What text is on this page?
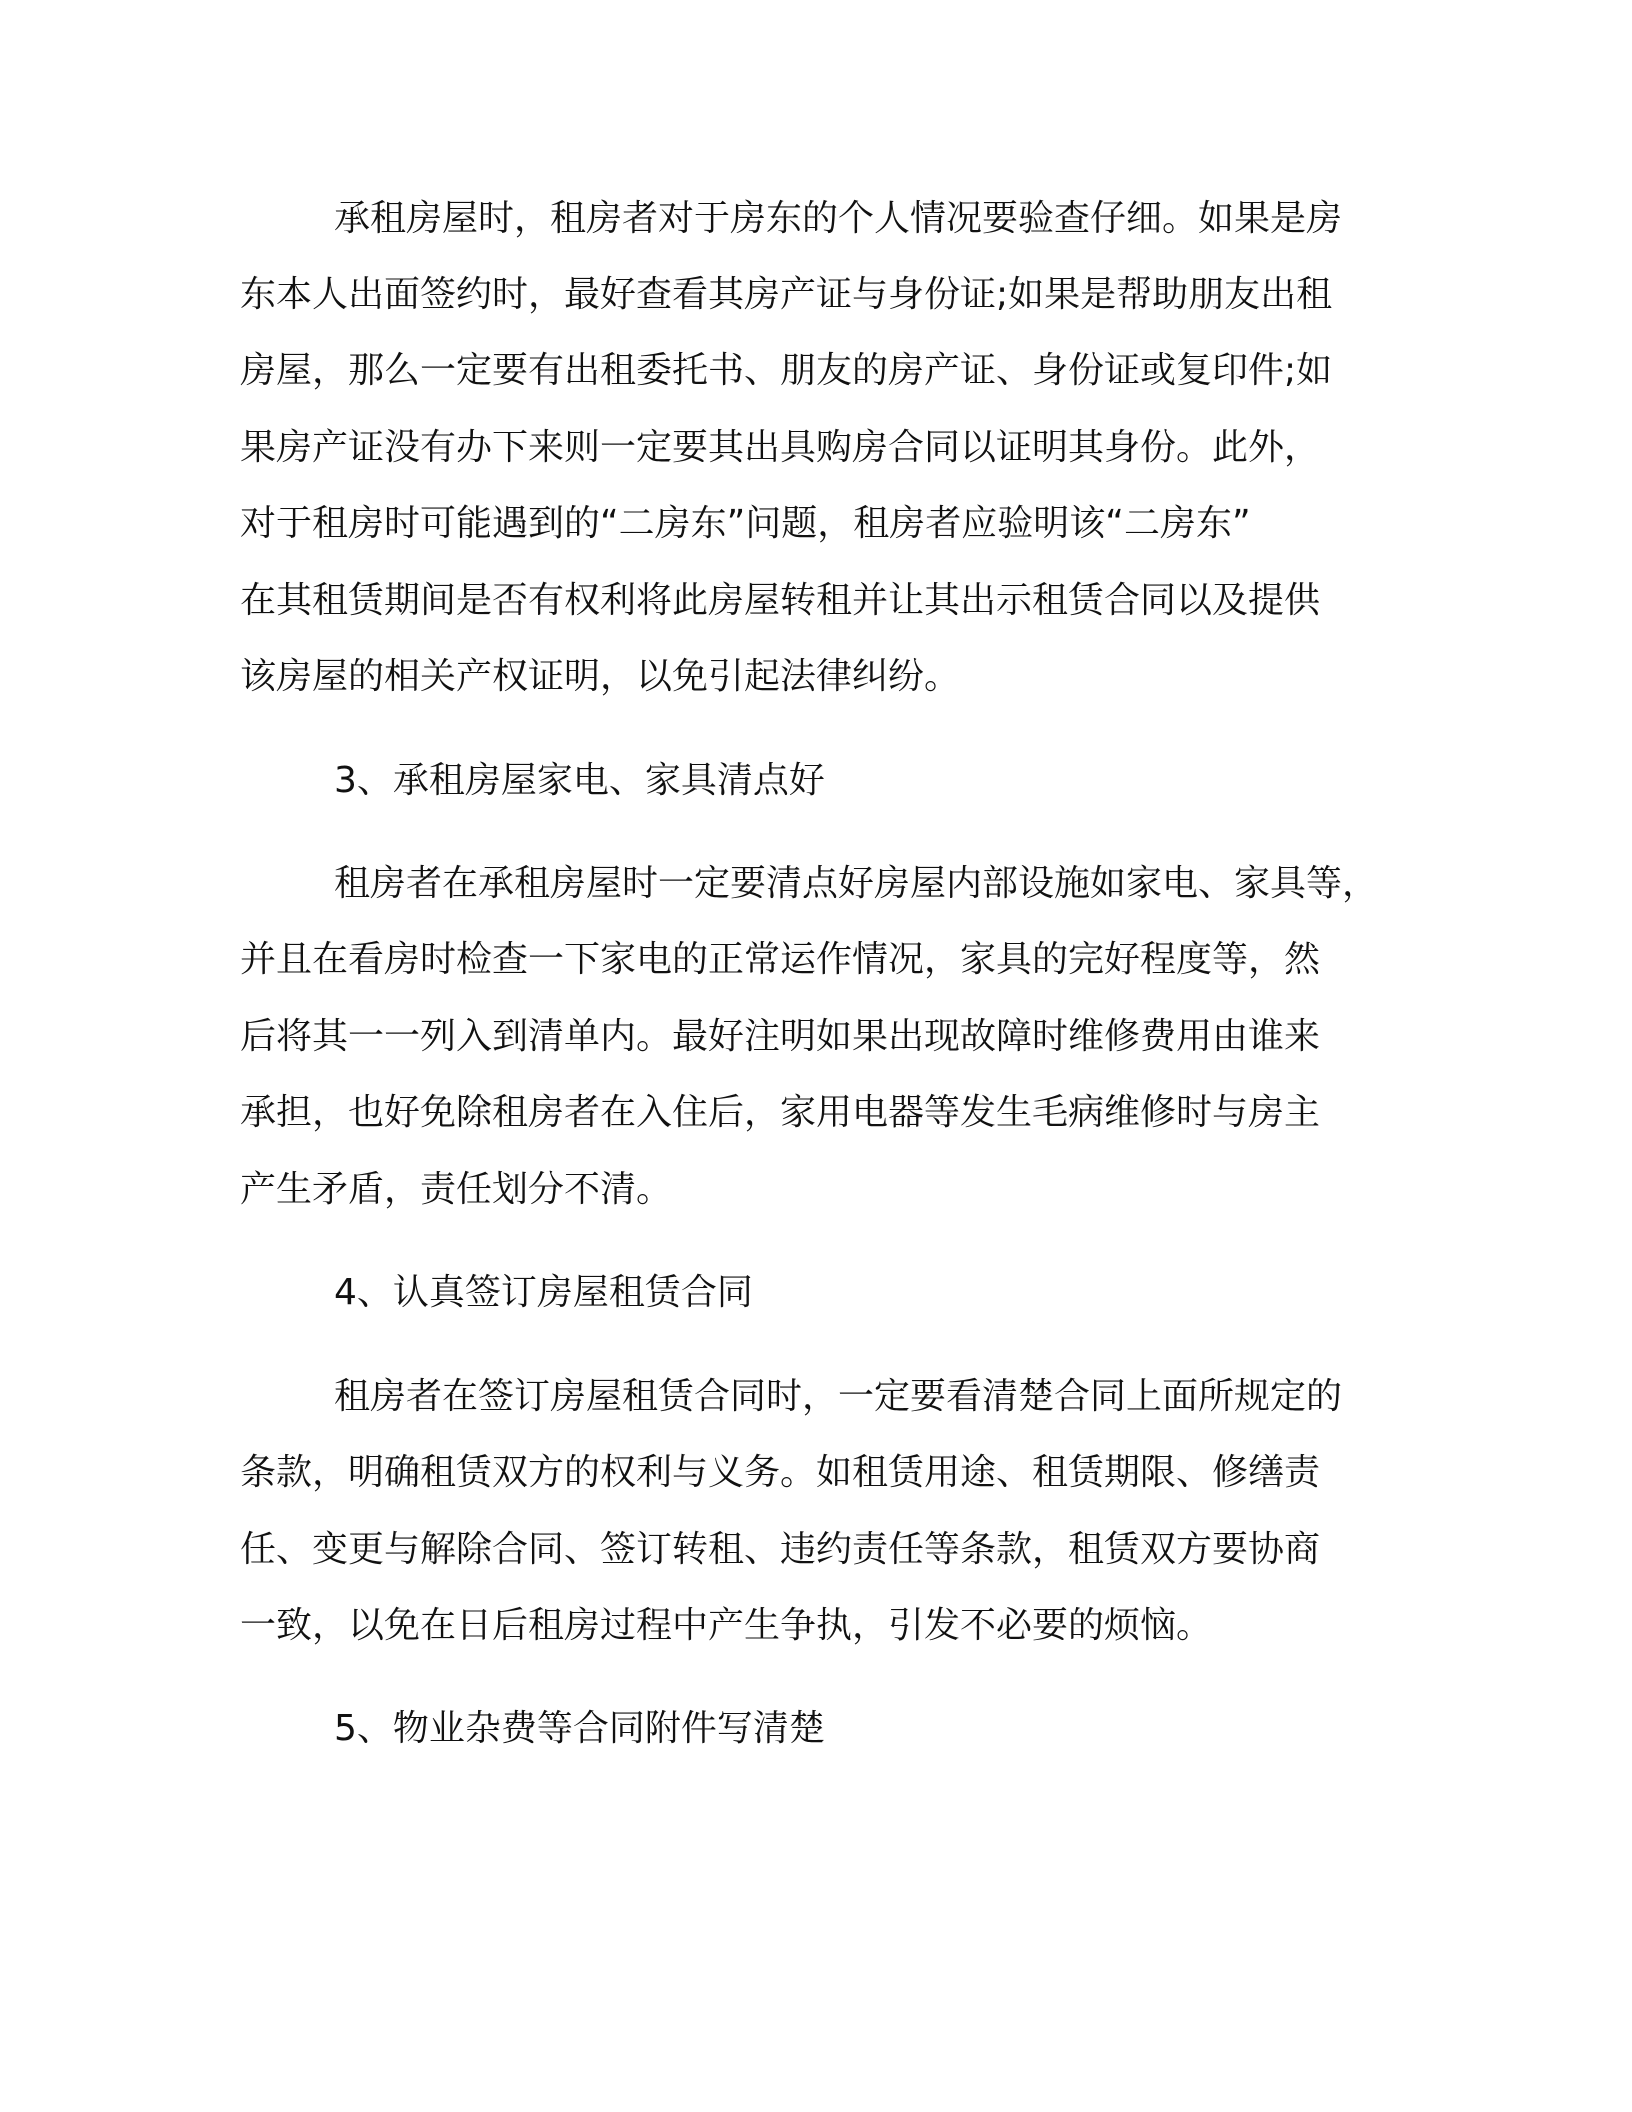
承租房屋时，租房者对于房东的个人情况要验查仔细。如果是房
东本人出面签约时，最好查看其房产证与身份证;如果是帮助朋友出租
房屋，那么一定要有出租委托书、朋友的房产证、身份证或复印件;如
果房产证没有办下来则一定要其出具购房合同以证明其身份。此外，
对于租房时可能遇到的“二房东”问题，租房者应验明该“二房东”
在其租赁期间是否有权利将此房屋转租并让其出示租赁合同以及提供
该房屋的相关产权证明，以免引起法律纠纷。
3、承租房屋家电、家具清点好
租房者在承租房屋时一定要清点好房屋内部设施如家电、家具等，
并且在看房时检查一下家电的正常运作情况，家具的完好程度等，然
后将其一一列入到清单内。最好注明如果出现故障时维修费用由谁来
承担，也好免除租房者在入住后，家用电器等发生毛病维修时与房主
产生矛盾，责任划分不清。
4、认真签订房屋租赁合同
租房者在签订房屋租赁合同时，一定要看清楚合同上面所规定的
条款，明确租赁双方的权利与义务。如租赁用途、租赁期限、修缮责
任、变更与解除合同、签订转租、违约责任等条款，租赁双方要协商
一致，以免在日后租房过程中产生争执，引发不必要的烦恼。
5、物业杂费等合同附件写清楚
